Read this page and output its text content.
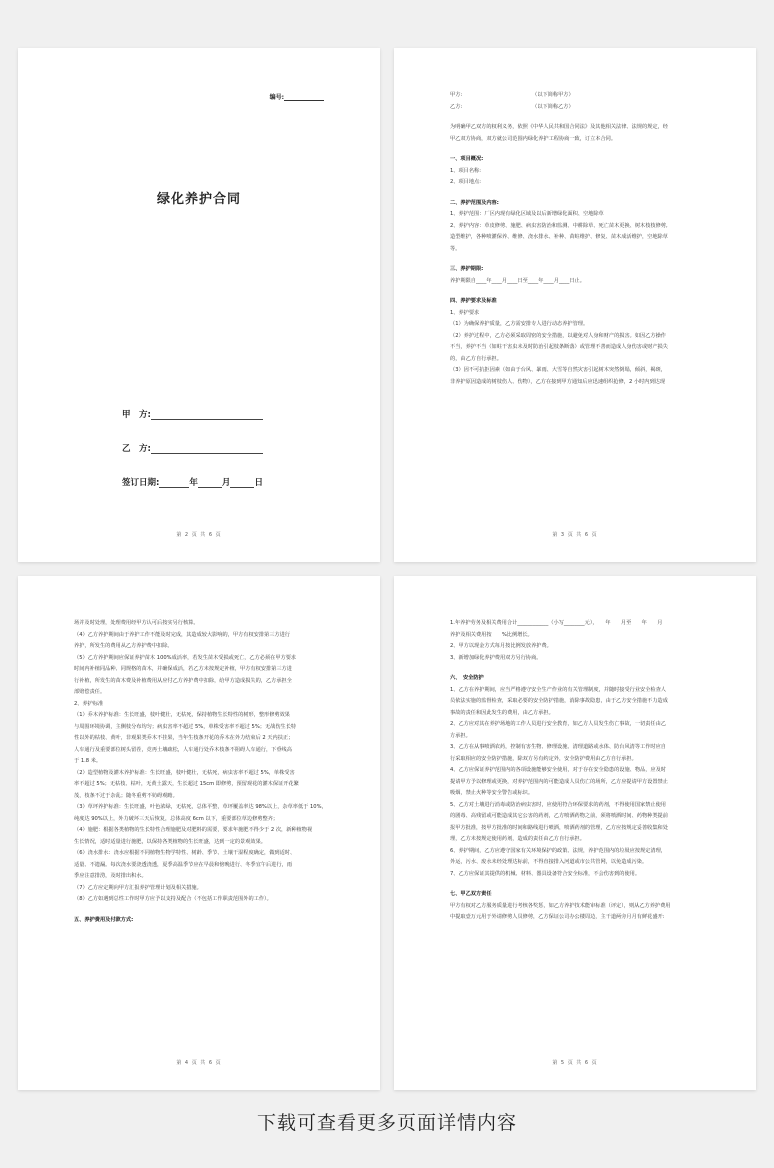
编号:
绿化养护合同
甲　方:
乙　方:
签订日期:	年	月	日
第 2 页 共 6 页

甲方:　　　　　　　　　　　　　　（以下简称甲方）

乙方:　　　　　　　　　　　　　　（以下简称乙方）

为明确甲乙双方的权利义务，依照《中华人民共和国合同法》及其他相关法律、法规的规定，经

甲乙双方协商，双方就公司范围内绿化养护工程协商一致，订立本合同。

一、项目概况:

1、项目名称:

2、项目地点:

二、养护范围及内容:

1、养护范围：厂区内现有绿化区域及以后新增绿化面积、空地除草

2、养护内容：草皮修剪、施肥、病虫害防治和监测、中耕除草、死亡苗木更换、树木枝枝修剪,

造型维护，各种喷灌保养、维修、浇水排水、补种、苗蛀维护、修复、苗木成活维护，空地除草

等。

三、养护期限:

养护期限自____年____月____日至____年____月____日止。

四、养护要求及标准

1、养护要求

（1）为确保养护质量，乙方需安排专人进行动态养护管理。

（2）养护过程中，乙方必须采取周密的安全措施，以避免对人身和财产的损害。如因乙方操作

不当，养护不当（如蛀干害虫未及时防治引起枝条断落）或管理不善而造成人身伤害或财产损失

的，由乙方自行承担。

（3）因不可抗拒因素（如由于台风、暴雨、大雪等自然灾害引起树木突然倒塌，倾斜，褐斑，

非养护原因造成的树枝伤人、伤物），乙方在接到甲方通知后应迅速组织抢修，2 小时内到达现

第 3 页 共 6 页

场并及时处理，处理费用经甲方认可后按实另行核算。

（4）乙方养护期间由于养护工作不能及时完成，其造成较大影响的，甲方有权安排第三方进行

养护，所发生的费用从乙方养护费中扣除。

（5）乙方养护期间应保证养护苗木 100%成活率，若发生苗木受损或死亡，乙方必须在甲方要求

时间内补植同品种、同规格的苗木，并确保成活，若乙方未按规定补植，甲方有权安排第三方进

行补植，所发生的苗木费及补植费用从应付乙方养护费中扣除，给甲方造成损失的，乙方承担全

部赔偿责任。

2、养护标准

（1）乔木养护标准：生长旺盛，枝叶健壮，无枯死，保持植物生长特性的树形，整形修剪效果

与周围环境协调，主侧枝分布均匀；病虫害率不超过 5%，单株受害率不超过 5%；无战伤生长特

性以外的枯枝、黄叶，非观果类乔木不挂果，当年生枝条开花的乔木在外力结束后 2 天内扶正；

人车通行及重要部位树头留茬，竞再土壤疏松，人车通行处乔木枝条不阻碍人车通行，下垂线高

于 1.8 米。

（2）造型植物及灌木养护标准：生长旺盛，枝叶健壮，无枯死，病虫害率不超过 5%，单株受害

率不超过 5%；无枯枝、枯叶，无黄土露天，生长超过 15cm 即修剪，预留观花的灌木保证开花繁

茂，枝条不过于杂乱；随冬重剪不妨碍观瞻。

（3）草坪养护标准：生长旺盛，叶色浓绿，无枯死，总体平整，草坪覆盖率达 98%以上，杂草率低于 10%，

纯度达 90%以上，外力破坏三天后恢复，总体高度 6cm 以下，重要部位草边修剪整齐；

（4）施肥：根据各类植物的生长特性合理施肥及对肥料的需要，要求年施肥不得少于 2 次，新种植物视

生长情况，适时适量进行施肥，以保持各类植物的生长旺盛，达到一定的景观效果。

（6）浇水排水：浇水应根据不同植物生物学特性、树龄、季节、土壤干湿程度确定，做到适时、

适量、不遗漏。每次浇水要浇透浇透，夏季高温季节应在早晨和傍晚进行、冬季宜午后进行，雨

季应注意排涝，及时排出积水。

（7）乙方应定期向甲方汇报养护管理计划及相关措施。

（8）乙方如遇到总性工作时甲方应予以支持及配合（不包括工作职责范围外的工作）。

五、养护费用及付款方式:

第 4 页 共 6 页

1.年养护劳务及相关费用合计____________（小写________元），　　年　　月至　　年　　月

养护及相关费用按　　%比例增长。

2、甲方以现金方式每月按比例发放养护费。

3、新增加绿化养护费用双方另行协商。

六、　安全防护

1、乙方在养护期间，应当严格遵守安全生产作业的有关管理制度，并随时接受行业安全检查人

员依法实施的监督检查，采取必要的安全防护措施，消除事故隐患，由于乙方安全措施不力造成

事故的责任和因此发生的费用，由乙方承担。

2、乙方应对其在养护场地的工作人员进行安全教育，如乙方人员发生伤亡事故，一切责任由乙

方承担。

3、乙方在从事喷洒农药，控制有害生物、修理设施、清理道路或水体、防台风清等工作时应自

行采取相应的安全防护措施，除双方另有约定外，安全防护费用由乙方自行承担。

4、乙方应保证养护范围内的各项设施能够安全使用，对于存在安全隐患的设施、物品，应及时

提请甲方予以修理或更换，对养护范围内的可能造成人员伤亡的场所，乙方应提请甲方设置禁止

吸烟，禁止火种等安全警告或标识。

5、乙方对土壤进行消毒或防治病虫害时，应使用符合环保要求的药剂，不得使用国家禁止使用

的剧毒、高残留或可能造成其它公害的药剂，乙方喷洒药物之前，须将喷洒时间、药物种类提前

报甲方批准，按甲方批准的时间和路线进行喷洒，喷洒药剂的管理，乙方应按规定妥善收集和处

理，乙方未按规定使用药剂，造成的责任由乙方自行承担。

6、养护期间，乙方应遵守国家有关环境保护的政策、法规，养护范围内的垃圾应按规定清理，

外运，污水、废水未经处理达标前，不得直接排入河道或市公共管网，以免造成污染。

7、乙方应保证其提供的机械、材料、器具设备符合安全标准，不会伤害到的使用。

七、甲乙双方责任

甲方有权对乙方服务质量进行考核各奖惩，如乙方养护技术能审标准（评定），则从乙方养护费用

中提取壹万元用于外请修剪人员修剪，乙方保证公司办公楼周边，主干道两旁月月有鲜花盛开:

第 5 页 共 6 页
下载可查看更多页面详情内容
